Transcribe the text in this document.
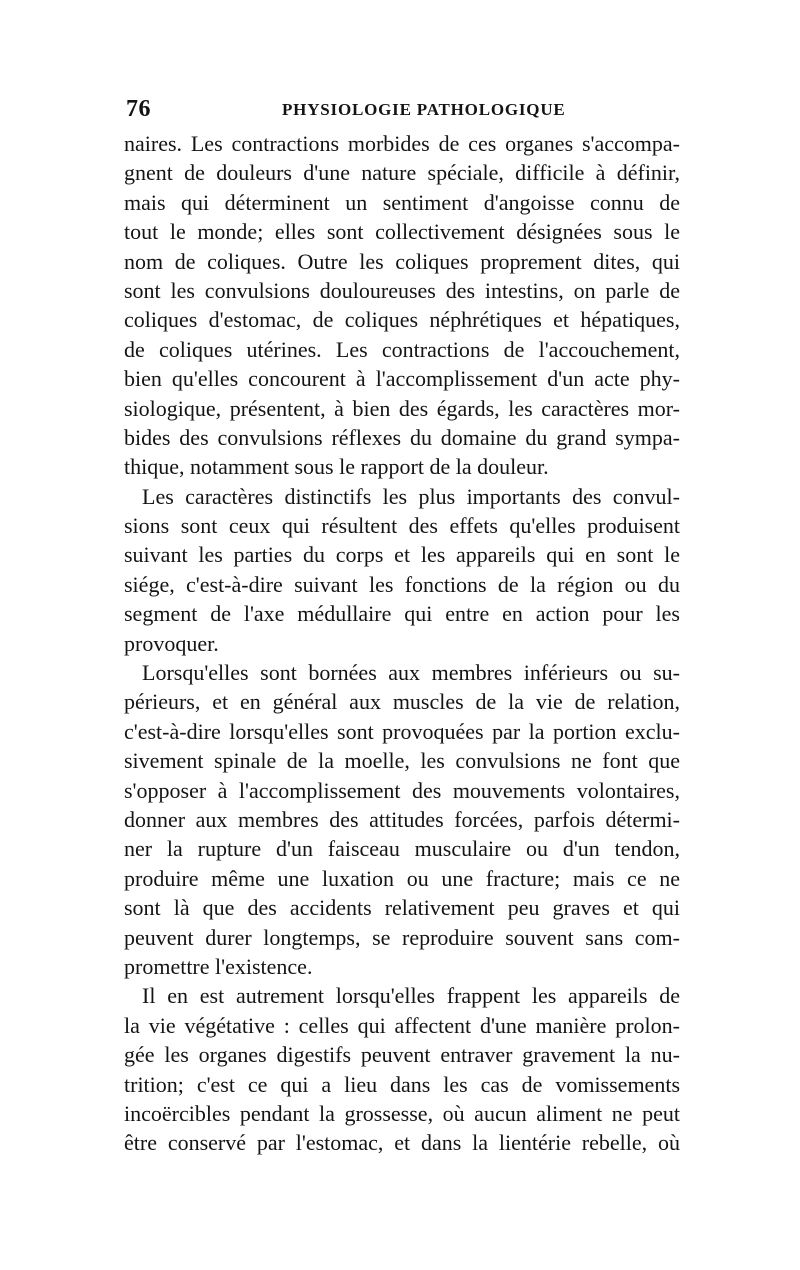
76	PHYSIOLOGIE PATHOLOGIQUE
naires. Les contractions morbides de ces organes s'accompa-
gnent de douleurs d'une nature spéciale, difficile à définir,
mais qui déterminent un sentiment d'angoisse connu de
tout le monde; elles sont collectivement désignées sous le
nom de coliques. Outre les coliques proprement dites, qui
sont les convulsions douloureuses des intestins, on parle de
coliques d'estomac, de coliques néphrétiques et hépatiques,
de coliques utérines. Les contractions de l'accouchement,
bien qu'elles concourent à l'accomplissement d'un acte phy-
siologique, présentent, à bien des égards, les caractères mor-
bides des convulsions réflexes du domaine du grand sympa-
thique, notamment sous le rapport de la douleur.
Les caractères distinctifs les plus importants des convul-
sions sont ceux qui résultent des effets qu'elles produisent
suivant les parties du corps et les appareils qui en sont le
siége, c'est-à-dire suivant les fonctions de la région ou du
segment de l'axe médullaire qui entre en action pour les
provoquer.
Lorsqu'elles sont bornées aux membres inférieurs ou su-
périeurs, et en général aux muscles de la vie de relation,
c'est-à-dire lorsqu'elles sont provoquées par la portion exclu-
sivement spinale de la moelle, les convulsions ne font que
s'opposer à l'accomplissement des mouvements volontaires,
donner aux membres des attitudes forcées, parfois détermi-
ner la rupture d'un faisceau musculaire ou d'un tendon,
produire même une luxation ou une fracture; mais ce ne
sont là que des accidents relativement peu graves et qui
peuvent durer longtemps, se reproduire souvent sans com-
promettre l'existence.
Il en est autrement lorsqu'elles frappent les appareils de
la vie végétative : celles qui affectent d'une manière prolon-
gée les organes digestifs peuvent entraver gravement la nu-
trition; c'est ce qui a lieu dans les cas de vomissements
incoërcibles pendant la grossesse, où aucun aliment ne peut
être conservé par l'estomac, et dans la lientérie rebelle, où
